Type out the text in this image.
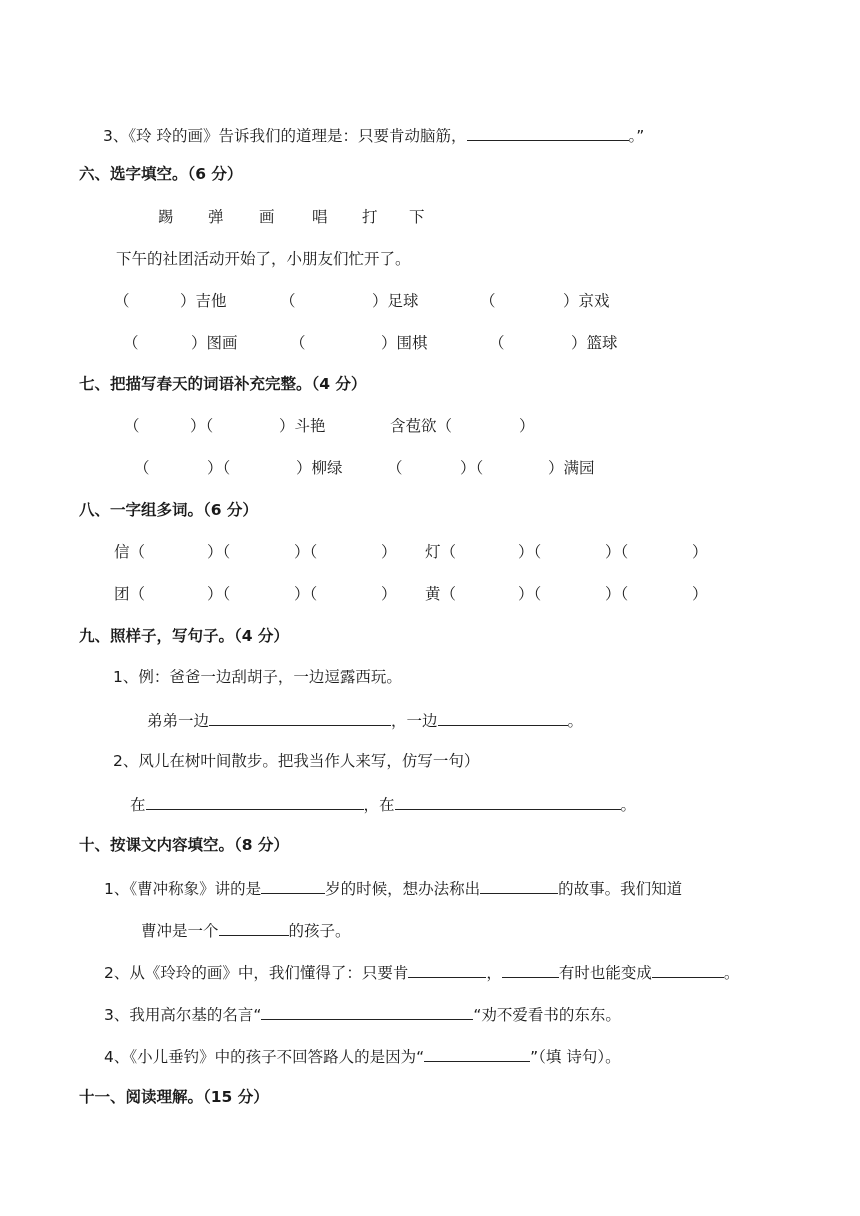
3、《玲 玲的画》告诉我们的道理是：只要肯动脑筋，	。”
六、选字填空。（6 分）
踢 弹 画 唱 打 下
下午的社团活动开始了，小朋友们忙开了。
（	）吉他	（	）足球	（	）京戏
（	）图画	（	）围棋	（	）篮球
七、把描写春天的词语补充完整。（4 分）
（	）（	）斗艳	含苞欲（	）
（	）（	）柳绿	（	）（	）满园
八、一字组多词。（6 分）
信（	）（	）（	） 灯（	）（	）（	）
团（	）（	）（	） 黄（	）（	）（	）
九、照样子，写句子。（4 分）
1、例：爸爸一边刮胡子，一边逗露西玩。
弟弟一边	，一边	。
2、风儿在树叶间散步。把我当作人来写，仿写一句）
在	，在	。
十、按课文内容填空。（8 分）
1、《曹冲称象》讲的是	岁的时候，想办法称出	的故事。我们知道
曹冲是一个	的孩子。
2、从《玲玲的画》中，我们懂得了：只要肯	，	有时也能变成	。
3、我用高尔基的名言“	“劝不爱看书的东东。
4、《小儿垂钓》中的孩子不回答路人的是因为“	”（填 诗句）。
十一、阅读理解。（15 分）
